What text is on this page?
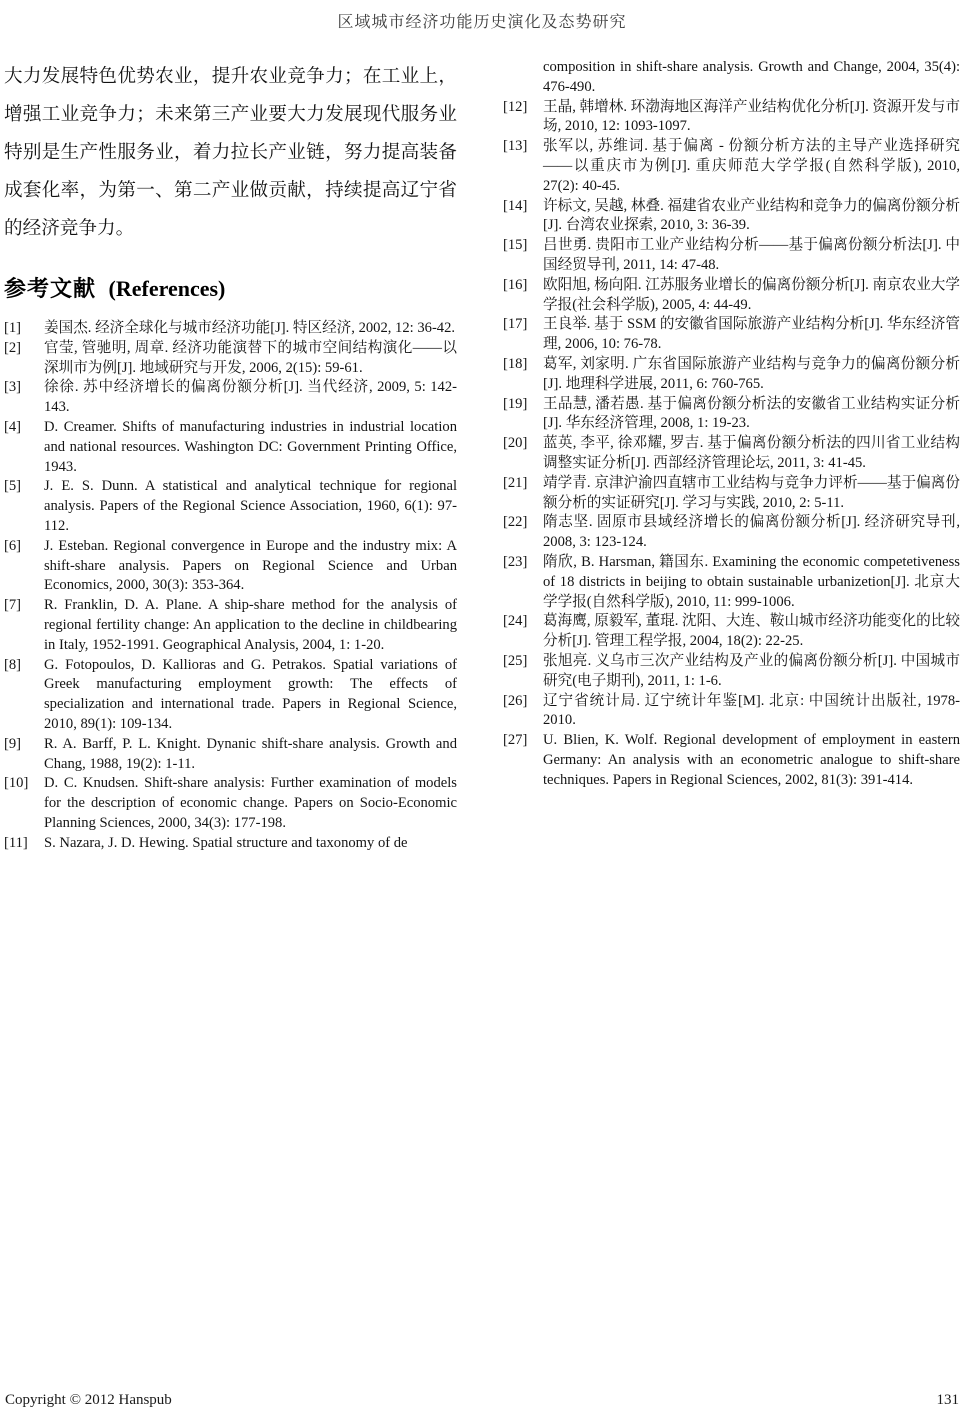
区域城市经济功能历史演化及态势研究

大力发展特色优势农业，提升农业竞争力；在工业上，增强工业竞争力；未来第三产业要大力发展现代服务业特别是生产性服务业，着力拉长产业链，努力提高装备成套化率，为第一、第二产业做贡献，持续提高辽宁省的经济竞争力。

参考文献 (References)
[1] 姜国杰. 经济全球化与城市经济功能[J]. 特区经济, 2002, 12: 36-42.
[2] 官莹, 管驰明, 周章. 经济功能演替下的城市空间结构演化——以深圳市为例[J]. 地域研究与开发, 2006, 2(15): 59-61.
[3] 徐徐. 苏中经济增长的偏离份额分析[J]. 当代经济, 2009, 5: 142-143.
[4] D. Creamer. Shifts of manufacturing industries in industrial location and national resources. Washington DC: Government Printing Office, 1943.
[5] J. E. S. Dunn. A statistical and analytical technique for regional analysis. Papers of the Regional Science Association, 1960, 6(1): 97-112.
[6] J. Esteban. Regional convergence in Europe and the industry mix: A shift-share analysis. Papers on Regional Science and Urban Economics, 2000, 30(3): 353-364.
[7] R. Franklin, D. A. Plane. A ship-share method for the analysis of regional fertility change: An application to the decline in childbearing in Italy, 1952-1991. Geographical Analysis, 2004, 1: 1-20.
[8] G. Fotopoulos, D. Kallioras and G. Petrakos. Spatial variations of Greek manufacturing employment growth: The effects of specialization and international trade. Papers in Regional Science, 2010, 89(1): 109-134.
[9] R. A. Barff, P. L. Knight. Dynanic shift-share analysis. Growth and Chang, 1988, 19(2): 1-11.
[10] D. C. Knudsen. Shift-share analysis: Further examination of models for the description of economic change. Papers on Socio-Economic Planning Sciences, 2000, 34(3): 177-198.
[11] S. Nazara, J. D. Hewing. Spatial structure and taxonomy of de

composition in shift-share analysis. Growth and Change, 2004, 35(4): 476-490.

[12] 王晶, 韩增林. 环渤海地区海洋产业结构优化分析[J]. 资源开发与市场, 2010, 12: 1093-1097.
[13] 张军以, 苏维词. 基于偏离 - 份额分析方法的主导产业选择研究——以重庆市为例[J]. 重庆师范大学学报(自然科学版), 2010, 27(2): 40-45.
[14] 许标文, 吴越, 林叠. 福建省农业产业结构和竞争力的偏离份额分析[J]. 台湾农业探索, 2010, 3: 36-39.
[15] 吕世勇. 贵阳市工业产业结构分析——基于偏离份额分析法[J]. 中国经贸导刊, 2011, 14: 47-48.
[16] 欧阳旭, 杨向阳. 江苏服务业增长的偏离份额分析[J]. 南京农业大学学报(社会科学版), 2005, 4: 44-49.
[17] 王良举. 基于 SSM 的安徽省国际旅游产业结构分析[J]. 华东经济管理, 2006, 10: 76-78.
[18] 葛军, 刘家明. 广东省国际旅游产业结构与竞争力的偏离份额分析[J]. 地理科学进展, 2011, 6: 760-765.
[19] 王品慧, 潘若愚. 基于偏离份额分析法的安徽省工业结构实证分析[J]. 华东经济管理, 2008, 1: 19-23.
[20] 蓝英, 李平, 徐邓耀, 罗吉. 基于偏离份额分析法的四川省工业结构调整实证分析[J]. 西部经济管理论坛, 2011, 3: 41-45.
[21] 靖学青. 京津沪渝四直辖市工业结构与竞争力评析——基于偏离份额分析的实证研究[J]. 学习与实践, 2010, 2: 5-11.
[22] 隋志坚. 固原市县域经济增长的偏离份额分析[J]. 经济研究导刊, 2008, 3: 123-124.
[23] 隋欣, B. Harsman, 籍国东. Examining the economic competetiveness of 18 districts in beijing to obtain sustainable urbanizetion[J]. 北京大学学报(自然科学版), 2010, 11: 999-1006.
[24] 葛海鹰, 原毅军, 董琨. 沈阳、大连、鞍山城市经济功能变化的比较分析[J]. 管理工程学报, 2004, 18(2): 22-25.
[25] 张旭亮. 义乌市三次产业结构及产业的偏离份额分析[J]. 中国城市研究(电子期刊), 2011, 1: 1-6.
[26] 辽宁省统计局. 辽宁统计年鉴[M]. 北京: 中国统计出版社, 1978-2010.
[27] U. Blien, K. Wolf. Regional development of employment in eastern Germany: An analysis with an econometric analogue to shift-share techniques. Papers in Regional Sciences, 2002, 81(3): 391-414.
Copyright © 2012 Hanspub	131
